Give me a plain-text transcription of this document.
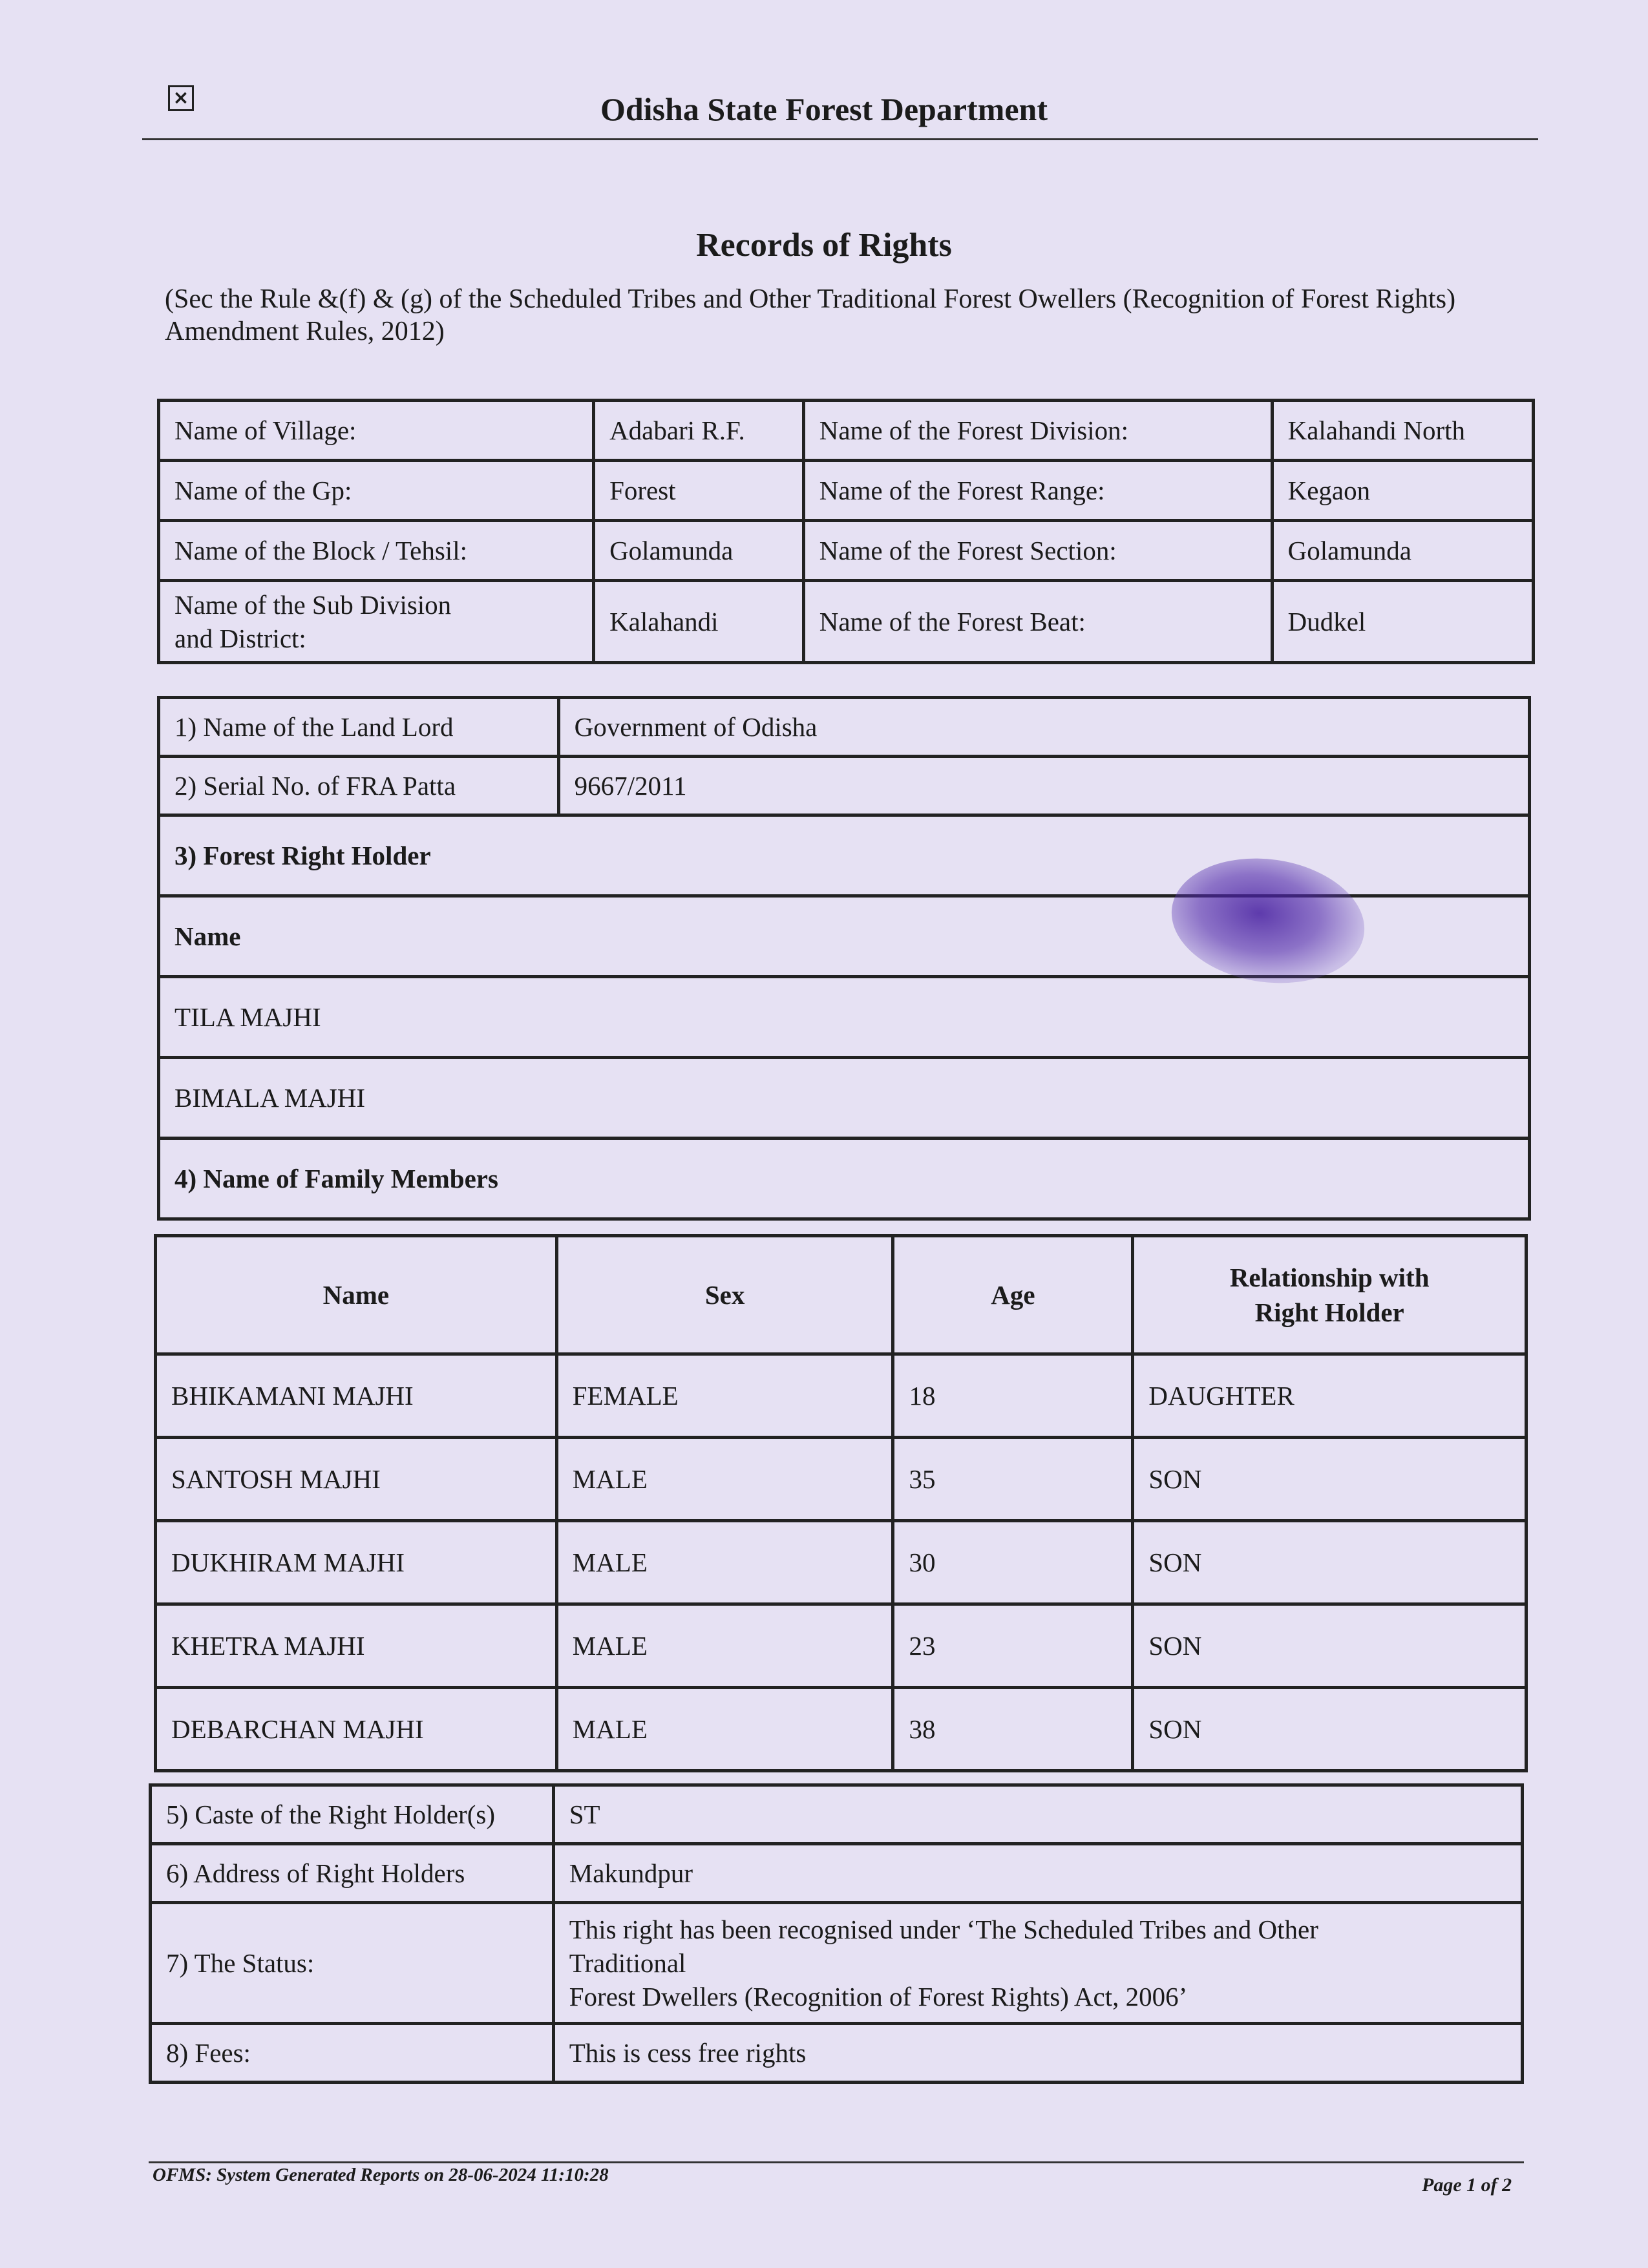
×	Odisha State Forest Department
Records of Rights
(Sec the Rule &(f) & (g) of the Scheduled Tribes and Other Traditional Forest Owellers (Recognition of Forest Rights) Amendment Rules, 2012)
Name of Village:	Adabari R.F.	Name of the Forest Division:	Kalahandi North
Name of the Gp:	Forest	Name of the Forest Range:	Kegaon
Name of the Block / Tehsil:	Golamunda	Name of the Forest Section:	Golamunda
Name of the Sub Division
and District:	Kalahandi	Name of the Forest Beat:	Dudkel
1) Name of the Land Lord	Government of Odisha
2) Serial No. of FRA Patta	9667/2011
3) Forest Right Holder	
Name	
TILA MAJHI	
BIMALA MAJHI	
4) Name of Family Members	
Name	Sex	Age	Relationship with
Right Holder
BHIKAMANI MAJHI	FEMALE	18	DAUGHTER
SANTOSH MAJHI	MALE	35	SON
DUKHIRAM MAJHI	MALE	30	SON
KHETRA MAJHI	MALE	23	SON
DEBARCHAN MAJHI	MALE	38	SON
5) Caste of the Right Holder(s)	ST
6) Address of Right Holders	Makundpur
7) The Status:	This right has been recognised under ‘The Scheduled Tribes and Other
Traditional
Forest Dwellers (Recognition of Forest Rights) Act, 2006’
8) Fees:	This is cess free rights
OFMS: System Generated Reports on 28-06-2024 11:10:28	Page 1 of 2
